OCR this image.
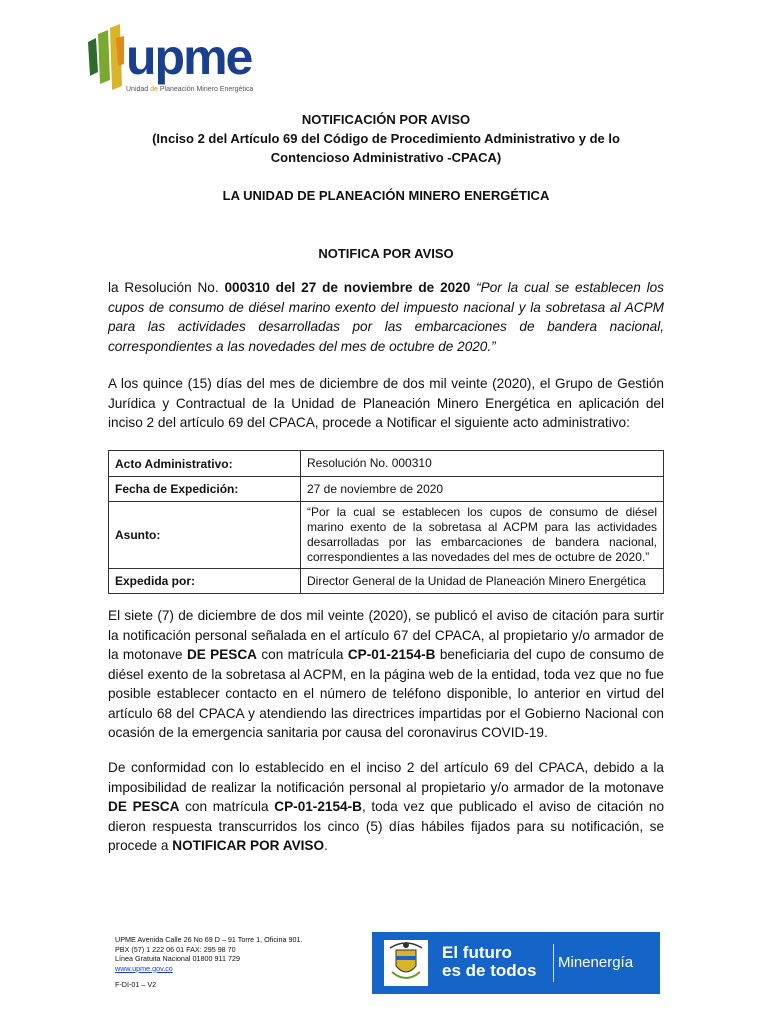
upme
Unidad de Planeación Minero Energética
NOTIFICACIÓN POR AVISO
(Inciso 2 del Artículo 69 del Código de Procedimiento Administrativo y de lo
Contencioso Administrativo -CPACA)
LA UNIDAD DE PLANEACIÓN MINERO ENERGÉTICA
NOTIFICA POR AVISO

la Resolución No. 000310 del 27 de noviembre de 2020 “Por la cual se establecen los cupos de consumo de diésel marino exento del impuesto nacional y la sobretasa al ACPM para las actividades desarrolladas por las embarcaciones de bandera nacional, correspondientes a las novedades del mes de octubre de 2020.”

A los quince (15) días del mes de diciembre de dos mil veinte (2020), el Grupo de Gestión Jurídica y Contractual de la Unidad de Planeación Minero Energética en aplicación del inciso 2 del artículo 69 del CPACA, procede a Notificar el siguiente acto administrativo:

Acto Administrativo:	Resolución No. 000310
Fecha de Expedición:	27 de noviembre de 2020
Asunto:	“Por la cual se establecen los cupos de consumo de diésel
marino exento de la sobretasa al ACPM para las actividades
desarrolladas por las embarcaciones de bandera nacional,
correspondientes a las novedades del mes de octubre de 2020.”

Expedida por:	Director General de la Unidad de Planeación Minero Energética

El siete (7) de diciembre de dos mil veinte (2020), se publicó el aviso de citación para surtir la notificación personal señalada en el artículo 67 del CPACA, al propietario y/o armador de la motonave DE PESCA con matrícula CP-01-2154-B beneficiaria del cupo de consumo de diésel exento de la sobretasa al ACPM, en la página web de la entidad, toda vez que no fue posible establecer contacto en el número de teléfono disponible, lo anterior en virtud del artículo 68 del CPACA y atendiendo las directrices impartidas por el Gobierno Nacional con ocasión de la emergencia sanitaria por causa del coronavirus COVID-19.

De conformidad con lo establecido en el inciso 2 del artículo 69 del CPACA, debido a la imposibilidad de realizar la notificación personal al propietario y/o armador de la motonave DE PESCA con matrícula CP-01-2154-B, toda vez que publicado el aviso de citación no dieron respuesta transcurridos los cinco (5) días hábiles fijados para su notificación, se procede a NOTIFICAR POR AVISO.

UPME Avenida Calle 26 No 69 D – 91 Torre 1, Oficina 901.
PBX (57) 1 222 06 01 FAX: 295 98 70
Línea Gratuita Nacional 01800 911 729
www.upme.gov.co
F-DI-01 – V2
El futuro
es de todos	Minenergía
